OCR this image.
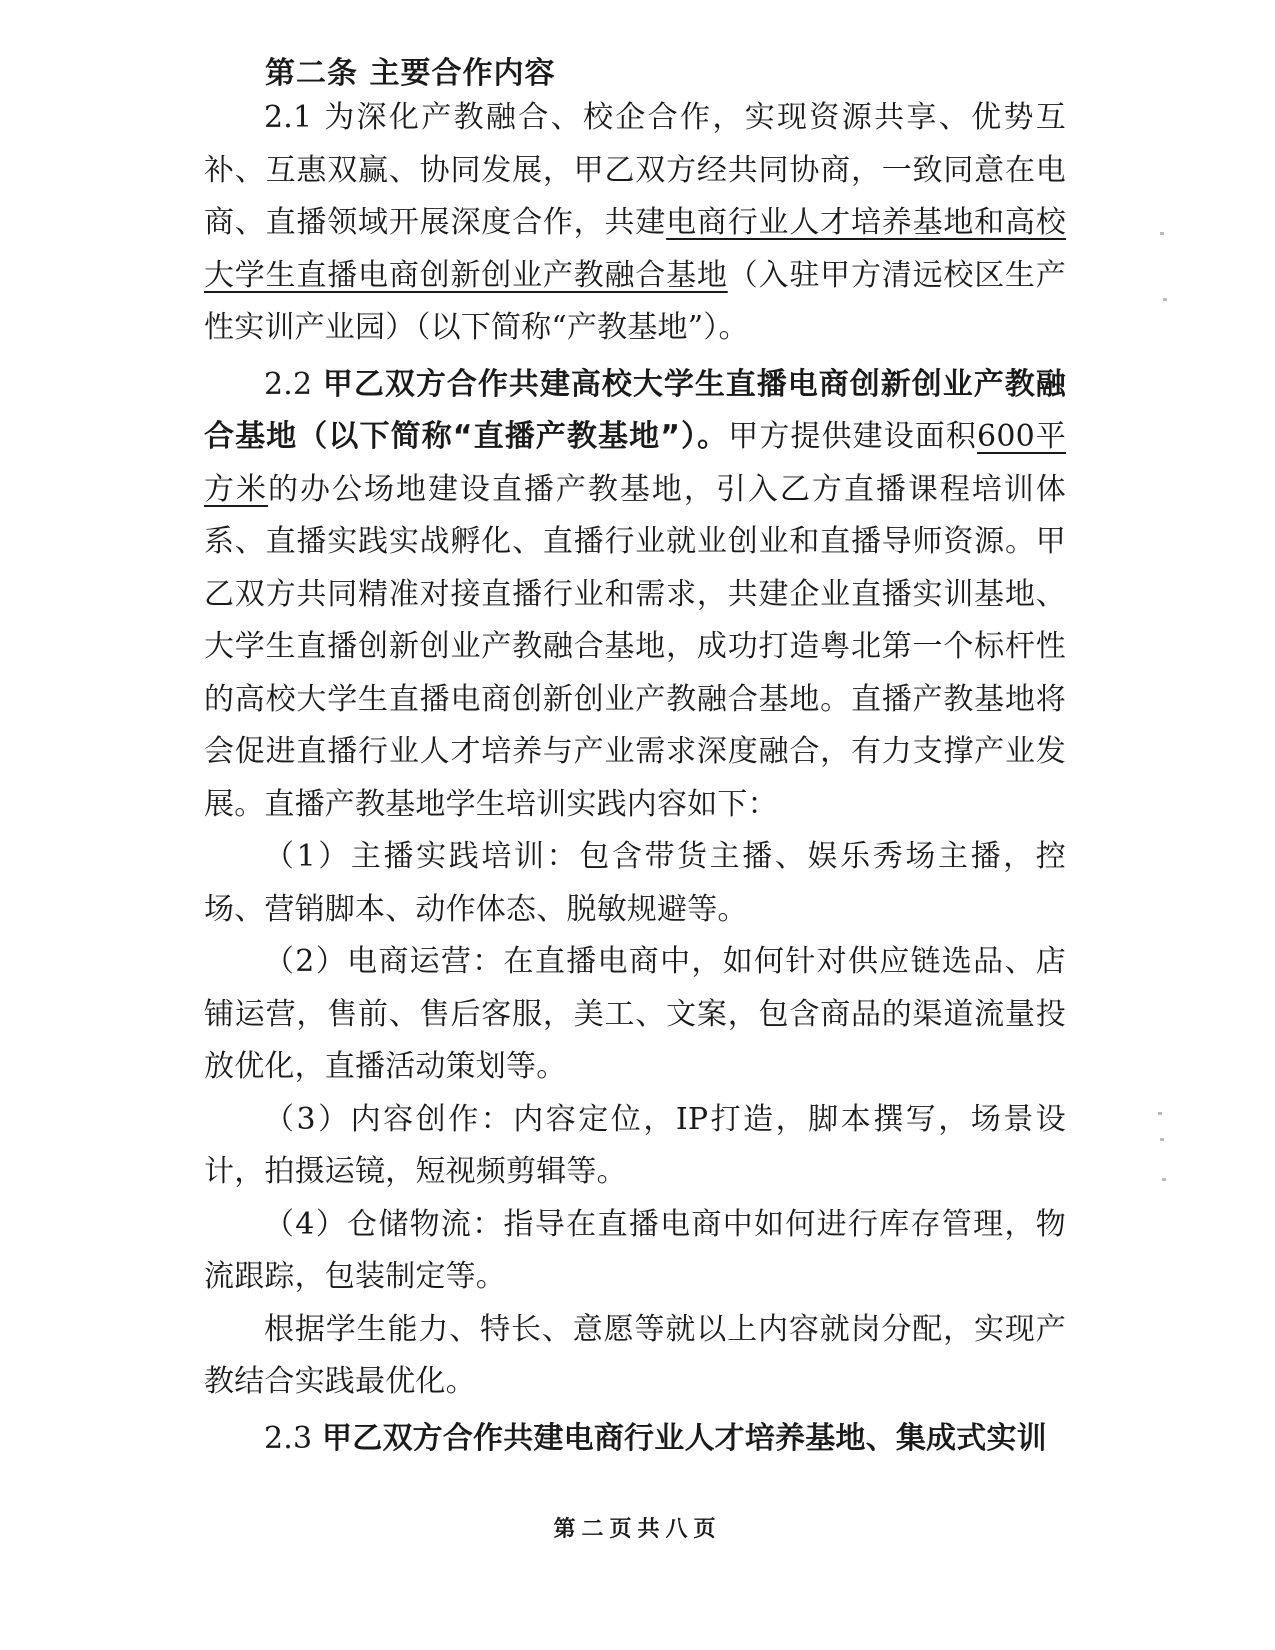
第二条 主要合作内容

2.1 为深化产教融合、校企合作，实现资源共享、优势互补、互惠双赢、协同发展，甲乙双方经共同协商，一致同意在电商、直播领域开展深度合作，共建电商行业人才培养基地和高校大学生直播电商创新创业产教融合基地（入驻甲方清远校区生产性实训产业园）（以下简称“产教基地”）。

2.2 甲乙双方合作共建高校大学生直播电商创新创业产教融合基地（以下简称“直播产教基地”）。甲方提供建设面积600平方米的办公场地建设直播产教基地，引入乙方直播课程培训体系、直播实践实战孵化、直播行业就业创业和直播导师资源。甲乙双方共同精准对接直播行业和需求，共建企业直播实训基地、大学生直播创新创业产教融合基地，成功打造粤北第一个标杆性的高校大学生直播电商创新创业产教融合基地。直播产教基地将会促进直播行业人才培养与产业需求深度融合，有力支撑产业发展。直播产教基地学生培训实践内容如下：

（1）主播实践培训：包含带货主播、娱乐秀场主播，控场、营销脚本、动作体态、脱敏规避等。

（2）电商运营：在直播电商中，如何针对供应链选品、店铺运营，售前、售后客服，美工、文案，包含商品的渠道流量投放优化，直播活动策划等。

（3）内容创作：内容定位，IP打造，脚本撰写，场景设计，拍摄运镜，短视频剪辑等。

（4）仓储物流：指导在直播电商中如何进行库存管理，物流跟踪，包装制定等。

根据学生能力、特长、意愿等就以上内容就岗分配，实现产教结合实践最优化。

2.3 甲乙双方合作共建电商行业人才培养基地、集成式实训

第二页共八页
